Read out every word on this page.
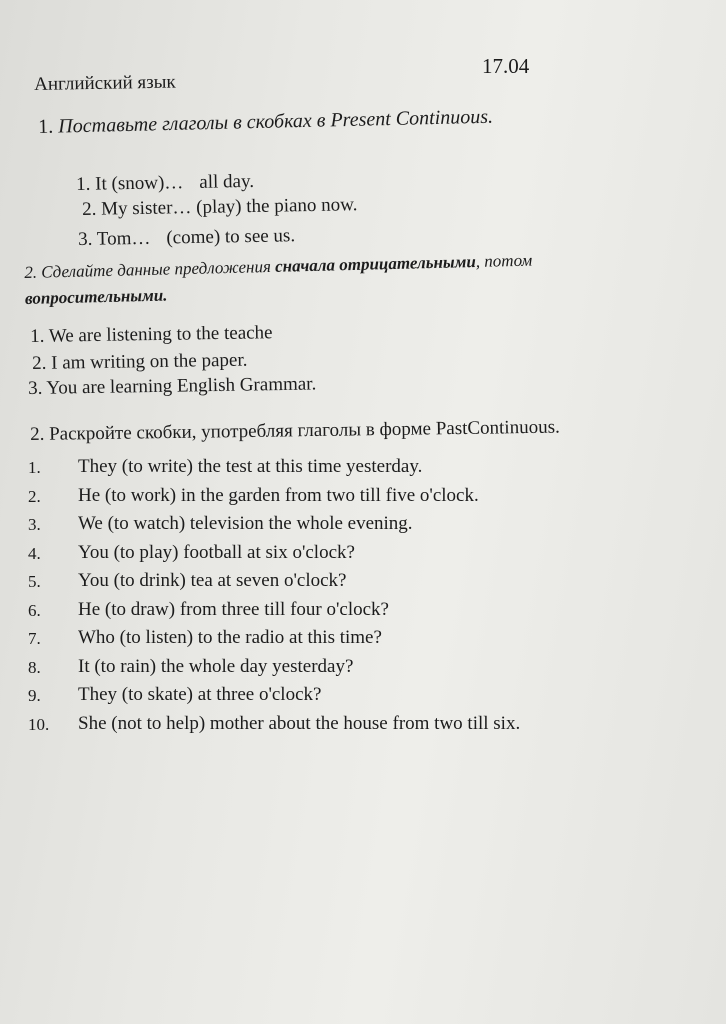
17.04
Английский язык
1. Поставьте глаголы в скобках в Present Continuous.
1. It (snow)… all day.
2. My sister… (play) the piano now.
3. Tom… (come) to see us.
2. Сделайте данные предложения сначала отрицательными, потом
вопросительными.
1. We are listening to the teache
2. I am writing on the paper.
3. You are learning English Grammar.
2. Раскройте скобки, употребляя глаголы в форме PastContinuous.
1.	They (to write) the test at this time yesterday.
2.	He (to work) in the garden from two till five o'clock.
3.	We (to watch) television the whole evening.
4.	You (to play) football at six o'clock?
5.	You (to drink) tea at seven o'clock?
6.	He (to draw) from three till four o'clock?
7.	Who (to listen) to the radio at this time?
8.	It (to rain) the whole day yesterday?
9.	They (to skate) at three o'clock?
10.	She (not to help) mother about the house from two till six.
